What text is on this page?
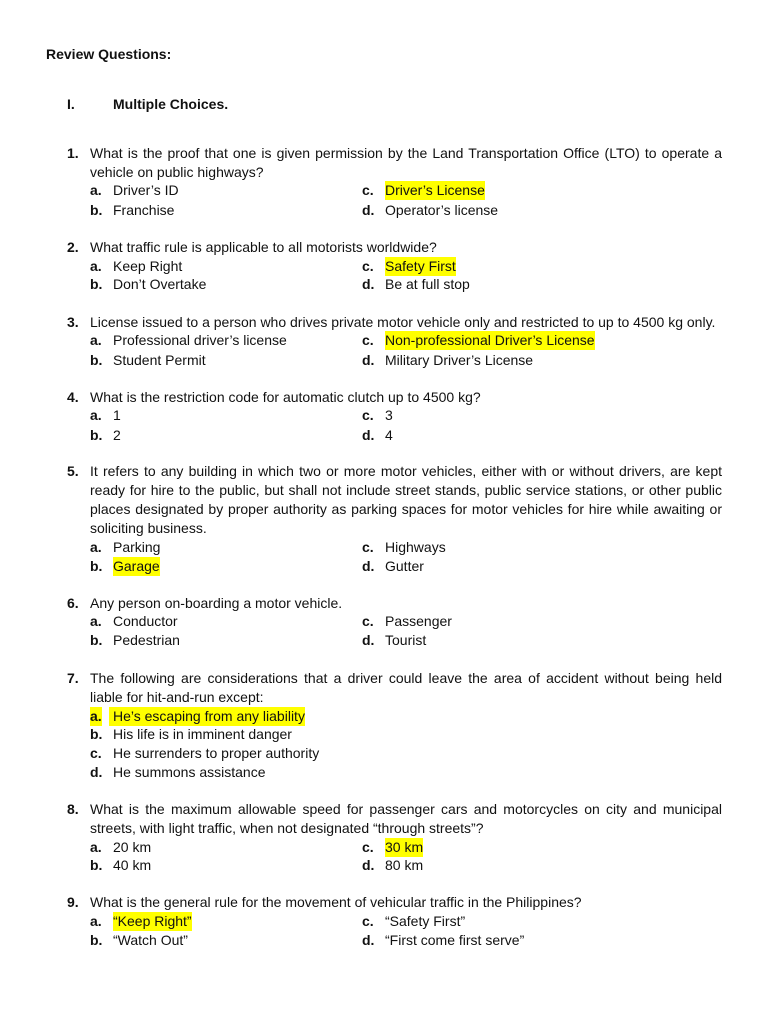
Review Questions:
I.	Multiple Choices.
1. What is the proof that one is given permission by the Land Transportation Office (LTO) to operate a vehicle on public highways?
a. Driver’s ID
b. Franchise
c. Driver’s License
d. Operator’s license
2. What traffic rule is applicable to all motorists worldwide?
a. Keep Right
b. Don’t Overtake
c. Safety First
d. Be at full stop
3. License issued to a person who drives private motor vehicle only and restricted to up to 4500 kg only.
a. Professional driver’s license
b. Student Permit
c. Non-professional Driver’s License
d. Military Driver’s License
4. What is the restriction code for automatic clutch up to 4500 kg?
a. 1
b. 2
c. 3
d. 4
5. It refers to any building in which two or more motor vehicles, either with or without drivers, are kept ready for hire to the public, but shall not include street stands, public service stations, or other public places designated by proper authority as parking spaces for motor vehicles for hire while awaiting or soliciting business.
a. Parking
b. Garage
c. Highways
d. Gutter
6. Any person on-boarding a motor vehicle.
a. Conductor
b. Pedestrian
c. Passenger
d. Tourist
7. The following are considerations that a driver could leave the area of accident without being held liable for hit-and-run except:
a. He’s escaping from any liability
b. His life is in imminent danger
c. He surrenders to proper authority
d. He summons assistance
8. What is the maximum allowable speed for passenger cars and motorcycles on city and municipal streets, with light traffic, when not designated “through streets”?
a. 20 km
b. 40 km
c. 30 km
d. 80 km
9. What is the general rule for the movement of vehicular traffic in the Philippines?
a. “Keep Right”
b. “Watch Out”
c. “Safety First”
d. “First come first serve”
